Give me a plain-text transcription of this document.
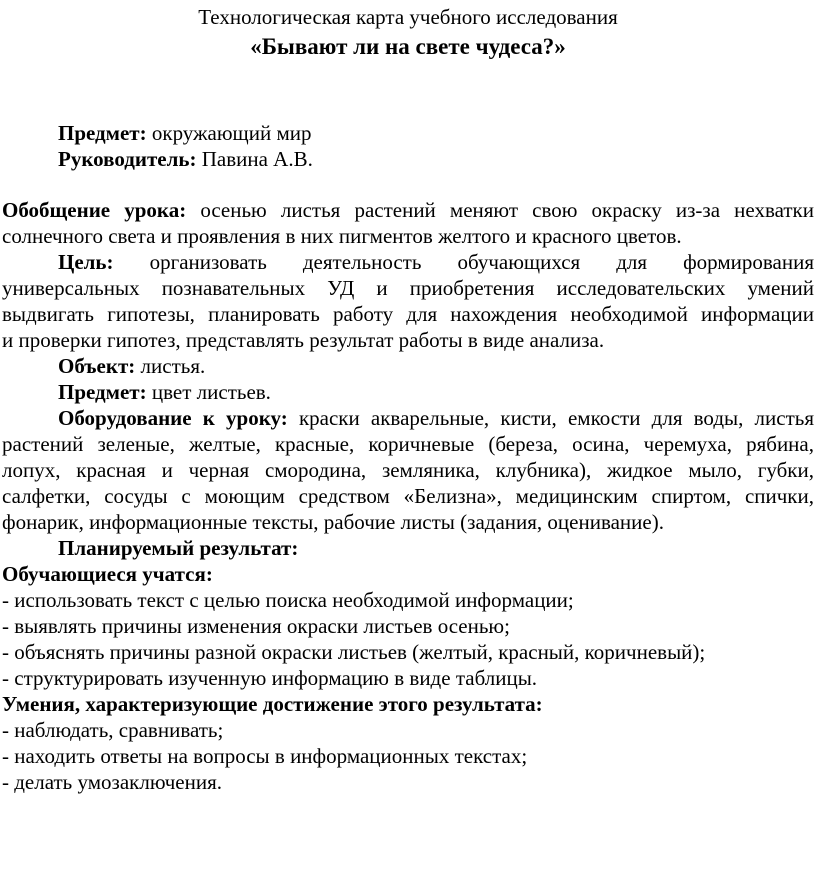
Технологическая карта учебного исследования
«Бывают ли на свете чудеса?»
Предмет: окружающий мир
Руководитель: Павина А.В.
Обобщение урока: осенью листья растений меняют свою окраску из-за нехватки
солнечного света и проявления в них пигментов желтого и красного цветов.
Цель: организовать деятельность обучающихся для формирования
универсальных познавательных УД и приобретения исследовательских умений
выдвигать гипотезы, планировать работу для нахождения необходимой информации
и проверки гипотез, представлять результат работы в виде анализа.
Объект: листья.
Предмет: цвет листьев.
Оборудование к уроку: краски акварельные, кисти, емкости для воды, листья
растений зеленые, желтые, красные, коричневые (береза, осина, черемуха, рябина,
лопух, красная и черная смородина, земляника, клубника), жидкое мыло, губки,
салфетки, сосуды с моющим средством «Белизна», медицинским спиртом, спички,
фонарик, информационные тексты, рабочие листы (задания, оценивание).
Планируемый результат:
Обучающиеся учатся:
- использовать текст с целью поиска необходимой информации;
- выявлять причины изменения окраски листьев осенью;
- объяснять причины разной окраски листьев (желтый, красный, коричневый);
- структурировать изученную информацию в виде таблицы.
Умения, характеризующие достижение этого результата:
- наблюдать, сравнивать;
- находить ответы на вопросы в информационных текстах;
- делать умозаключения.
